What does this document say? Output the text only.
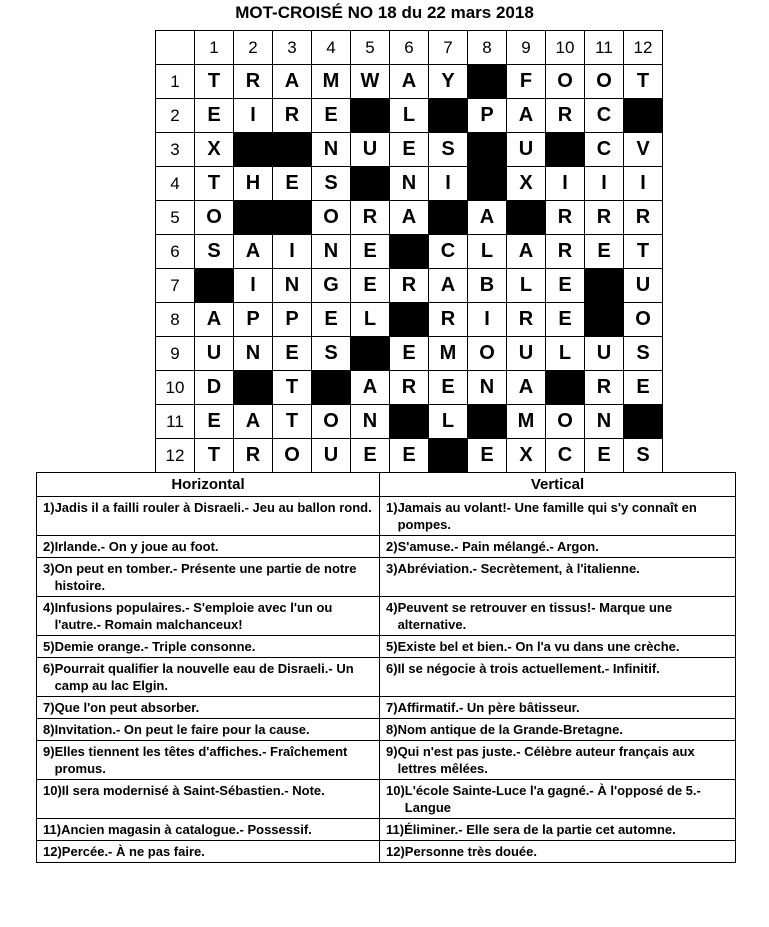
MOT-CROISÉ NO 18 du 22 mars 2018
	1	2	3	4	5	6	7	8	9	10	11	12
1	T	R	A	M	W	A	Y		F	O	O	T
2	E	I	R	E		L		P	A	R	C	
3	X			N	U	E	S		U		C	V
4	T	H	E	S		N	I		X	I	I	I
5	O			O	R	A		A		R	R	R
6	S	A	I	N	E		C	L	A	R	E	T
7		I	N	G	E	R	A	B	L	E		U
8	A	P	P	E	L		R	I	R	E		O
9	U	N	E	S		E	M	O	U	L	U	S
10	D		T		A	R	E	N	A		R	E
11	E	A	T	O	N		L		M	O	N	
12	T	R	O	U	E	E		E	X	C	E	S
Horizontal	Vertical

1) Jadis il a failli rouler à Disraeli.- Jeu au ballon rond.	1) Jamais au volant!- Une famille qui s'y connaît en pompes.

2) Irlande.- On y joue au foot.	2) S'amuse.- Pain mélangé.- Argon.

3) On peut en tomber.- Présente une partie de notre histoire.	3) Abréviation.- Secrètement, à l'italienne.

4) Infusions populaires.- S'emploie avec l'un ou l'autre.- Romain malchanceux!	4) Peuvent se retrouver en tissus!- Marque une alternative.

5) Demie orange.- Triple consonne.	5) Existe bel et bien.- On l'a vu dans une crèche.

6) Pourrait qualifier la nouvelle eau de Disraeli.- Un camp au lac Elgin.	6) Il se négocie à trois actuellement.- Infinitif.

7) Que l'on peut absorber.	7) Affirmatif.- Un père bâtisseur.

8) Invitation.- On peut le faire pour la cause.	8) Nom antique de la Grande-Bretagne.

9) Elles tiennent les têtes d'affiches.- Fraîchement promus.	9) Qui n'est pas juste.- Célèbre auteur français aux lettres mêlées.

10) Il sera modernisé à Saint-Sébastien.- Note.	10) L'école Sainte-Luce l'a gagné.- À l'opposé de 5.- Langue

11) Ancien magasin à catalogue.- Possessif.	11) Éliminer.- Elle sera de la partie cet automne.

12) Percée.- À ne pas faire.	12) Personne très douée.
